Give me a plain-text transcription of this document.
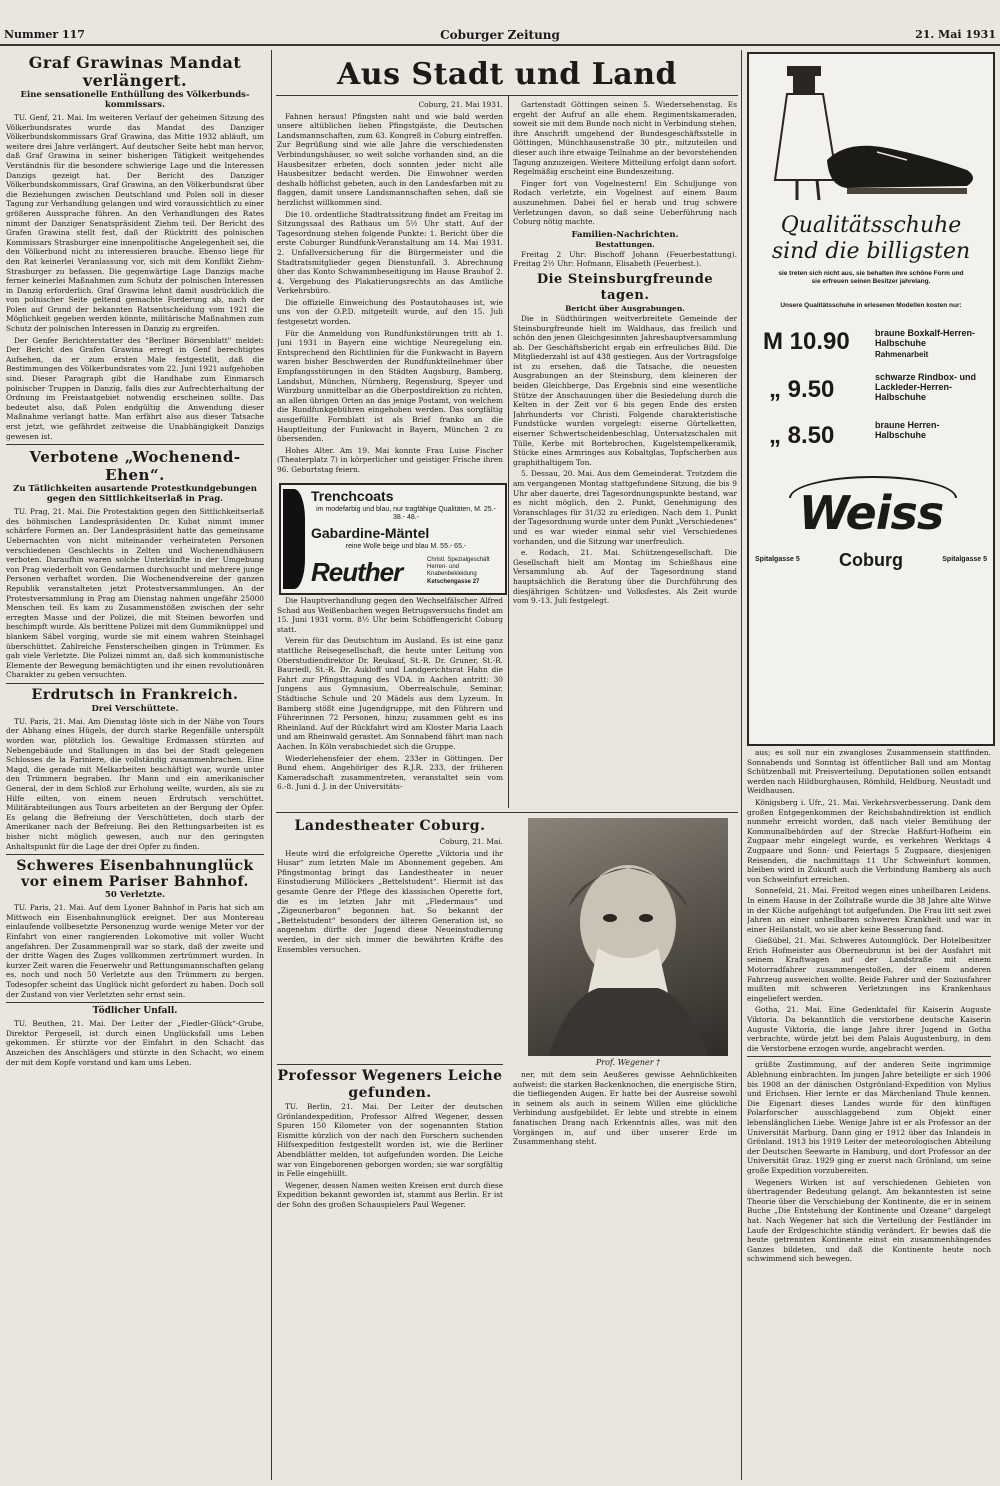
Nummer 117	Coburger Zeitung	21. Mai 1931
Graf Grawinas Mandat verlängert.
Eine sensationelle Enthüllung des Völkerbunds-kommissars.

TU. Genf, 21. Mai. Im weiteren Verlauf der geheimen Sitzung des Völkerbundsrates wurde das Mandat des Danziger Völkerbundskommissars Graf Grawina, das Mitte 1932 abläuft, um weitere drei Jahre verlängert. Auf deutscher Seite hebt man hervor, daß Graf Grawina in seiner bisherigen Tätigkeit weitgehendes Verständnis für die besondere schwierige Lage und die Interessen Danzigs gezeigt hat. Der Bericht des Danziger Völkerbundskommissars, Graf Grawina, an den Völkerbundsrat über die Beziehungen zwischen Deutschland und Polen soll in dieser Tagung zur Verhandlung gelangen und wird voraussichtlich zu einer größeren Aussprache führen. An den Verhandlungen des Rates nimmt der Danziger Senatspräsident Ziehm teil. Der Bericht des Grafen Grawina stellt fest, daß der Rücktritt des polnischen Kommissars Strasburger eine innenpolitische Angelegenheit sei, die den Völkerbund nicht zu interessieren brauche. Ebenso liege für den Rat keinerlei Veranlassung vor, sich mit dem Konflikt Ziehm-Strasburger zu befassen. Die gegenwärtige Lage Danzigs mache ferner keinerlei Maßnahmen zum Schutz der polnischen Interessen in Danzig erforderlich. Graf Grawina lehnt damit ausdrücklich die von polnischer Seite geltend gemachte Forderung ab, nach der Polen auf Grund der bekannten Ratsentscheidung vom 1921 die Möglichkeit gegeben werden könnte, militärische Maßnahmen zum Schutz der polnischen Interessen in Danzig zu ergreifen.

Der Genfer Berichterstatter des "Berliner Börsenblatt" meldet: Der Bericht des Grafen Grawina erregt in Genf berechtigtes Aufsehen, da er zum ersten Male festgestellt, daß die Bestimmungen des Völkerbundsrates vom 22. Juni 1921 aufgehoben sind. Dieser Paragraph gibt die Handhabe zum Einmarsch polnischer Truppen in Danzig, falls dies zur Aufrechterhaltung der Ordnung im Freistaatgebiet notwendig erscheinen sollte. Das bedeutet also, daß Polen endgültig die Anwendung dieser Maßnahme verlangt hatte. Man erfährt also aus dieser Tatsache erst jetzt, wie gefährdet zeitweise die Unabhängigkeit Danzigs gewesen ist.

Verbotene „Wochenend-Ehen“.
Zu Tätlichkeiten ausartende Protestkundgebungen gegen den Sittlichkeitserlaß in Prag.

TU. Prag, 21. Mai. Die Protestaktion gegen den Sittlichkeitserlaß des böhmischen Landespräsidenten Dr. Kubat nimmt immer schärfere Formen an. Der Landespräsident hatte das gemeinsame Uebernachten von nicht miteinander verheirateten Personen verschiedenen Geschlechts in Zelten und Wochenendhäusern verboten. Daraufhin waren solche Unterkünfte in der Umgebung von Prag wiederholt von Gendarmen durchsucht und mehrere junge Personen verhaftet worden. Die Wochenendvereine der ganzen Republik veranstalteten jetzt Protestversammlungen. An der Protestversammlung in Prag am Dienstag nahmen ungefähr 25000 Menschen teil. Es kam zu Zusammenstößen zwischen der sehr erregten Masse und der Polizei, die mit Steinen beworfen und beschimpft wurde. Als berittene Polizei mit dem Gummiknüppel und blankem Säbel vorging, wurde sie mit einem wahren Steinhagel überschüttet. Zahlreiche Fensterscheiben gingen in Trümmer. Es gab viele Verletzte. Die Polizei nimmt an, daß sich kommunistische Elemente der Bewegung bemächtigten und ihr einen revolutionären Charakter zu geben versuchten.

Erdrutsch in Frankreich.
Drei Verschüttete.

TU. Paris, 21. Mai. Am Dienstag löste sich in der Nähe von Tours der Abhang eines Hügels, der durch starke Regenfälle unterspült worden war, plötzlich los. Gewaltige Erdmassen stürzten auf Nebengebäude und Stallungen in das bei der Stadt gelegenen Schlosses de la Fariniere, die vollständig zusammenbrachen. Eine Magd, die gerade mit Melkarbeiten beschäftigt war, wurde unter den Trümmern begraben. Ihr Mann und ein amerikanischer General, der in dem Schloß zur Erholung weilte, wurden, als sie zu Hilfe eilten, von einem neuen Erdrutsch verschüttet. Militärabteilungen aus Tours arbeiteten an der Bergung der Opfer. Es gelang die Befreiung der Verschütteten, doch starb der Amerikaner nach der Befreiung. Bei den Rettungsarbeiten ist es bisher nicht möglich gewesen, auch nur den geringsten Anhaltspunkt für die Lage der drei Opfer zu finden.

Schweres Eisenbahnunglück vor einem Pariser Bahnhof.
50 Verletzte.

TU. Paris, 21. Mai. Auf dem Lyoner Bahnhof in Paris hat sich am Mittwoch ein Eisenbahnunglück ereignet. Der aus Montereau einlaufende vollbesetzte Personenzug wurde wenige Meter vor der Einfahrt von einer rangierenden Lokomotive mit voller Wucht angefahren. Der Zusammenprall war so stark, daß der zweite und der dritte Wagen des Zuges vollkommen zertrümmert wurden. In kurzer Zeit waren die Feuerwehr und Rettungsmannschaften gelang es, noch und noch 50 Verletzte aus den Trümmern zu bergen. Todesopfer scheint das Unglück nicht gefordert zu haben. Doch soll der Zustand von vier Verletzten sehr ernst sein.

Tödlicher Unfall.

TU. Beuthen, 21. Mai. Der Leiter der „Fiedler-Glück“-Grube, Direktor Pergesell, ist durch einen Unglücksfall ums Leben gekommen. Er stürzte vor der Einfahrt in den Schacht das Anzeichen des Anschlägers und stürzte in den Schacht, wo einem der mit dem Kopfe vorstand und kam ums Leben.

Aus Stadt und Land
Coburg, 21. Mai 1931.

Fahnen heraus! Pfingsten naht und wie bald werden unsere altüblichen lieben Pfingstgäste, die Deutschen Landsmannschaften, zum 63. Kongreß in Coburg eintreffen. Zur Begrüßung sind wie alle Jahre die verschiedensten Verbindungshäuser, so weit solche vorhanden sind, an die Hausbesitzer erbeten, doch sonnten jeder nicht alle Hausbesitzer bedacht werden. Die Einwohner werden deshalb höflichst gebeten, auch in den Landesfarben mit zu flaggen, damit unsere Landsmannschaften sehen, daß sie herzlichst willkommen sind.

Die 10. ordentliche Stadtratssitzung findet am Freitag im Sitzungssaal des Rathaus um 5½ Uhr statt. Auf der Tagesordnung stehen folgende Punkte: 1. Bericht über die erste Coburger Rundfunk-Veranstaltung am 14. Mai 1931. 2. Unfallversicherung für die Bürgermeister und die Stadtratsmitglieder gegen Dienstunfall. 3. Abrechnung über das Konto Schwammbeseitigung im Hause Brauhof 2. 4. Vergebung des Plakatierungsrechts an das Amtliche Verkehrsbüro.

Die offizielle Einweichung des Postautohauses ist, wie uns von der O.P.D. mitgeteilt wurde, auf den 15. Juli festgesetzt worden.

Für die Anmeldung von Rundfunkstörungen tritt ab 1. Juni 1931 in Bayern eine wichtige Neuregelung ein. Entsprechend den Richtlinien für die Funkwacht in Bayern waren bisher Beschwerden der Rundfunkteilnehmer über Empfangsstörungen in den Städten Augsburg, Bamberg, Landshut, München, Nürnberg, Regensburg, Speyer und Würzburg unmittelbar an die Oberpostdirektion zu richten, an allen übrigen Orten an das jenige Postamt, von welchem die Rundfunkgebühren eingehoben werden. Das sorgfältig ausgefüllte Formblatt ist als Brief franko an die Hauptleitung der Funkwacht in Bayern, München 2 zu übersenden.

Hohes Alter. Am 19. Mai konnte Frau Luise Fischer (Theaterplatz 7) in körperlicher und geistiger Frische ihren 96. Geburtstag feiern.

Trenchcoats
im modefarbig und blau, nur tragfähige Qualitäten, M. 25.- 38.- 48.-
Gabardine-Mäntel
reine Wolle beige und blau M. 55.- 65.-
Reuther	Christl. Spezialgeschäft Herren- und Knabenbekleidung
Ketschengasse 27

Die Hauptverhandlung gegen den Wechselfälscher Alfred Schad aus Weißenbachen wegen Betrugsversuchs findet am 15. Juni 1931 vorm. 8½ Uhr beim Schöffengericht Coburg statt.

Verein für das Deutschtum im Ausland. Es ist eine ganz stattliche Reisegesellschaft, die heute unter Leitung von Oberstudiendirektor Dr. Reukauf, St.-R. Dr. Gruner, St.-R. Bauriedl, St.-R. Dr. Aukloff und Landgerichtsrat Hahn die Fahrt zur Pfingsttagung des VDA. in Aachen antritt: 30 Jungens aus Gymnasium, Oberrealschule, Seminar, Städtische Schule und 20 Mädels aus dem Lyzeum. In Bamberg stößt eine Jugendgruppe, mit den Führern und Führerinnen 72 Personen, hinzu; zusammen geht es ins Rheinland. Auf der Rückfahrt wird am Kloster Maria Laach und am Rheinwald gerastet. Am Sonnabend fährt man nach Aachen. In Köln verabschiedet sich die Gruppe.

Wiederlehensfeier der ehem. 233er in Göttingen. Der Bund ehem. Angehöriger des R.J.R. 233, der früheren Kameradschaft zusammentreten, veranstaltet sein vom 6.-8. Juni d. J. in der Universitäts-

Gartenstadt Göttingen seinen 5. Wiedersehenstag. Es ergeht der Aufruf an alle ehem. Regimentskameraden, soweit sie mit dem Bunde noch nicht in Verbindung stehen, ihre Anschrift umgehend der Bundesgeschäftsstelle in Göttingen, Münchhausenstraße 30 ptr., mitzuteilen und dieser auch ihre etwaige Teilnahme an der bevorstehenden Tagung anzuzeigen. Weitere Mitteilung erfolgt dann sofort. Regelmäßig erscheint eine Bundeszeitung.

Finger fort von Vogelnestern! Ein Schuljunge von Rodach verletzte, ein Vogelnest auf einem Baum auszunehmen. Dabei fiel er herab und trug schwere Verletzungen davon, so daß seine Ueberführung nach Coburg nötig machte.

Familien-Nachrichten.
Bestattungen.

Freitag 2 Uhr: Bischoff Johann (Feuerbestattung). Freitag 2½ Uhr: Hofmann, Elisabeth (Feuerbest.).

Die Steinsburgfreunde tagen.
Bericht über Ausgrabungen.

Die in Südthüringen weitverbreitete Gemeinde der Steinsburgfreunde hielt im Waldhaus, das freilich und schön den jenen Gleichgesinnten Jahreshauptversammlung ab. Der Geschäftsbericht ergab ein erfreuliches Bild. Die Mitgliederzahl ist auf 438 gestiegen. Aus der Vortragsfolge ist zu ersehen, daß die Tatsache, die neuesten Ausgrabungen an der Steinsburg, dem kleineren der beiden Gleichberge, Das Ergebnis sind eine wesentliche Stütze der Anschauungen über die Besiedelung durch die Kelten in der Zeit vor 6 bis gegen Ende des ersten Jahrhunderts vor Christi. Folgende charakteristische Fundstücke wurden vorgelegt: eiserne Gürtelketten, eiserner Schwertscheidenbeschlag, Untersatzschalen mit Tülle, Kerbe mit Bortebrochen, Kugelstempelkeramik, Stücke eines Armringes aus Kobaltglas, Topfscherben aus graphithaltigem Ton.

5. Dessau, 20. Mai. Aus dem Gemeinderat. Trotzdem die am vergangenen Montag stattgefundene Sitzung, die bis 9 Uhr aber dauerte, drei Tagesordnungspunkte bestand, war es nicht möglich, den 2. Punkt, Genehmigung des Voranschlages für 31/32 zu erledigen. Nach dem 1. Punkt der Tagesordnung wurde unter dem Punkt „Verschiedenes“ und es war wieder einmal sehr viel Verschiedenes vorhanden, und die Sitzung war unerfreulich.

e. Rodach, 21. Mai. Schützengesellschaft. Die Gesellschaft hielt am Montag im Schießhaus eine Versammlung ab. Auf der Tagesordnung stand hauptsächlich die Beratung über die Durchführung des diesjährigen Schützen- und Volksfestes. Als Zeit wurde vom 9.-13. Juli festgelegt.

Landestheater Coburg.
Coburg, 21. Mai.

Heute wird die erfolgreiche Operette „Viktoria und ihr Husar“ zum letzten Male im Abonnement gegeben. Am Pfingstmontag bringt das Landestheater in neuer Einstudierung Millöckers „Bettelstudent“. Hiermit ist das gesamte Genre der Pflege des klassischen Operette fort, die es im letzten Jahr mit „Fledermaus“ und „Zigeunerbaron“ begonnen hat. So bekannt der „Bettelstudent“ besonders der älteren Generation ist, so angenehm dürfte der Jugend diese Neueinstudierung werden, in der sich immer die bewährten Kräfte des Ensembles versuchen.

Prof. Wegener †
Professor Wegeners Leiche gefunden.

TU. Berlin, 21. Mai. Der Leiter der deutschen Grönlandexpedition, Professor Alfred Wegener, dessen Spuren 150 Kilometer von der sogenannten Station Eismitte kürzlich von der nach den Forschern suchenden Hilfsexpedition festgestellt worden ist, wie die Berliner Abendblätter melden, tot aufgefunden worden. Die Leiche war von Eingeborenen geborgen worden; sie war sorgfältig in Felle eingehüllt.

Wegener, dessen Namen weiten Kreisen erst durch diese Expedition bekannt geworden ist, stammt aus Berlin. Er ist der Sohn des großen Schauspielers Paul Wegener.

ner, mit dem sein Aeußeres gewisse Aehnlichkeiten aufweist: die starken Backenknochen, die energische Stirn, die tiefliegenden Augen. Er hatte bei der Ausreise sowohl in seinem als auch in seinem Willen eine glückliche Verbindung ausfgebildet. Er lebte und strebte in einem fanatischen Drang nach Erkenntnis alles, was mit den Vorgängen in, auf und über unserer Erde im Zusammenhang steht.

Qualitätsschuhe
sind die billigsten
sie treten sich nicht aus, sie behalten ihre schöne Form und sie erfreuen seinen Besitzer jahrelang.
Unsere Qualitätsschuhe in erlesenen Modellen kosten nur:
M 10.90	braune Boxkalf-Herren-Halbschuhe
Rahmenarbeit
„ 9.50	schwarze Rindbox- und Lackleder-Herren-Halbschuhe
„ 8.50	braune Herren-Halbschuhe
Weiss
Coburg
Spitalgasse 5	Spitalgasse 5

aus; es soll nur ein zwangloses Zusammensein stattfinden. Sonnabends und Sonntag ist öffentlicher Ball und am Montag Schützenball mit Preisverteilung. Deputationen sollen entsandt werden nach Hildburghausen, Römhild, Heldburg, Neustadt und Weidhausen.

Königsberg i. Ufr., 21. Mai. Verkehrsverbesserung. Dank dem großen Entgegenkommen der Reichsbahndirektion ist endlich nunmehr erreicht worden, daß nach vieler Bemühung der Kommunalbehörden auf der Strecke Haßfurt-Hofheim ein Zugpaar mehr eingelegt wurde, es verkehren Werktags 4 Zugpaare und Sonn- und Feiertags 5 Zugpaare, diesjenigen Reisenden, die nachmittags 11 Uhr Schweinfurt kommen, bleiben wird in Zukunft auch die Verbindung Bamberg als auch von Schweinfurt erreichen.

Sonnefeld, 21. Mai. Freitod wegen eines unheilbaren Leidens. In einem Hause in der Zollstraße wurde die 38 Jahre alte Witwe in der Küche aufgehängt tot aufgefunden. Die Frau litt seit zwei Jahren an einer unheilbaren schweren Krankheit und war in einer Heilanstalt, wo sie aber keine Besserung fand.

Gießübel, 21. Mai. Schweres Autounglück. Der Hotelbesitzer Erich Hofmeister aus Oberneubrunn ist bei der Ausfahrt mit seinem Kraftwagen auf der Landstraße mit einem Motorradfahrer zusammengestoßen, der einem anderen Fahrzeug ausweichen wollte. Beide Fahrer und der Soziusfahrer mußten mit schweren Verletzungen ins Krankenhaus eingeliefert werden.

Gotha, 21. Mai. Eine Gedenktafel für Kaiserin Auguste Viktoria. Da bekanntlich die verstorbene deutsche Kaiserin Auguste Viktoria, die lange Jahre ihrer Jugend in Gotha verbrachte, würde jetzt bei dem Palais Augustenburg, in dem die Verstorbene erzogen wurde, angebracht werden.

grüßte Zustimmung, auf der anderen Seite ingrimmige Ablehnung einbrachten. Im jungen Jahre beteiligte er sich 1906 bis 1908 an der dänischen Ostgrönland-Expedition von Mylius und Erichsen. Hier lernte er das Märchenland Thule kennen. Die Eigenart dieses Landes wurde für den künftigen Polarforscher ausschlaggebend zum Objekt einer lebenslänglichen Liebe. Wenige Jahre ist er als Professor an der Universität Marburg. Dann ging er 1912 über das Inlandeis in Grönland. 1913 bis 1919 Leiter der meteorologischen Abteilung der Deutschen Seewarte in Hamburg, und dort Professor an der Universität Graz. 1929 ging er zuerst nach Grönland, um seine große Expedition vorzubereiten.

Wegeners Wirken ist auf verschiedenen Gebieten von übertragender Bedeutung gelangt. Am bekanntesten ist seine Theorie über die Verschiebung der Kontinente, die er in seinem Buche „Die Entstehung der Kontinente und Ozeane“ dargelegt hat. Nach Wegener hat sich die Verteilung der Festländer im Laufe der Erdgeschichte ständig verändert. Er bewies daß die heute getrennten Kontinente einst ein zusammenhängendes Ganzes bildeten, und daß die Kontinente heute noch schwimmend sich bewegen.
